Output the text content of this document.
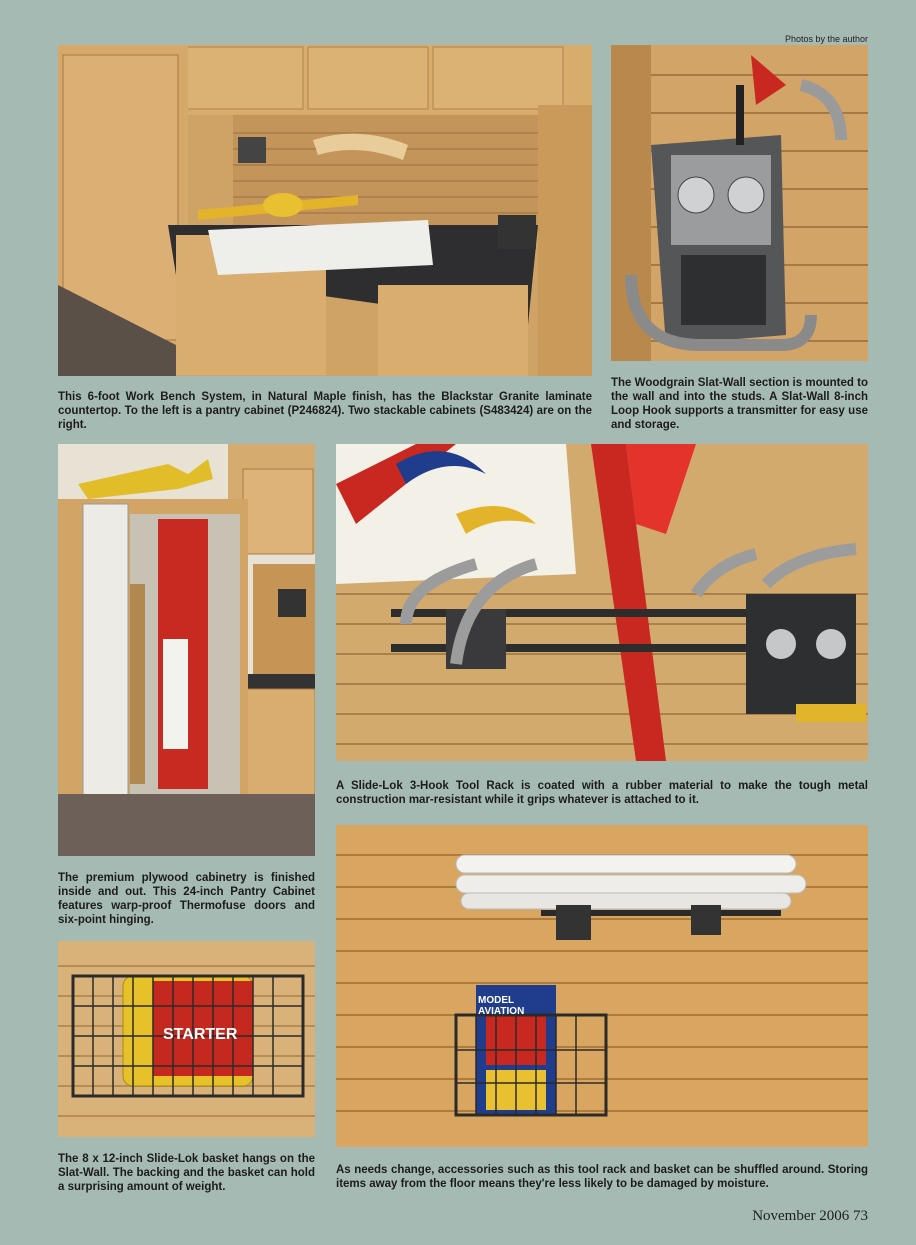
Photos by the author
This 6-foot Work Bench System, in Natural Maple finish, has the Blackstar Granite laminate countertop. To the left is a pantry cabinet (P246824). Two stackable cabinets (S483424) are on the right.
The Woodgrain Slat-Wall section is mounted to the wall and into the studs. A Slat-Wall 8-inch Loop Hook supports a transmitter for easy use and storage.
A Slide-Lok 3-Hook Tool Rack is coated with a rubber material to make the tough metal construction mar-resistant while it grips whatever is attached to it.
The premium plywood cabinetry is finished inside and out. This 24-inch Pantry Cabinet features warp-proof Thermofuse doors and six-point hinging.
STARTER
The 8 x 12-inch Slide-Lok basket hangs on the Slat-Wall. The backing and the basket can hold a surprising amount of weight.
MODEL AVIATION
As needs change, accessories such as this tool rack and basket can be shuffled around. Storing items away from the floor means they're less likely to be damaged by moisture.
November 2006 73
